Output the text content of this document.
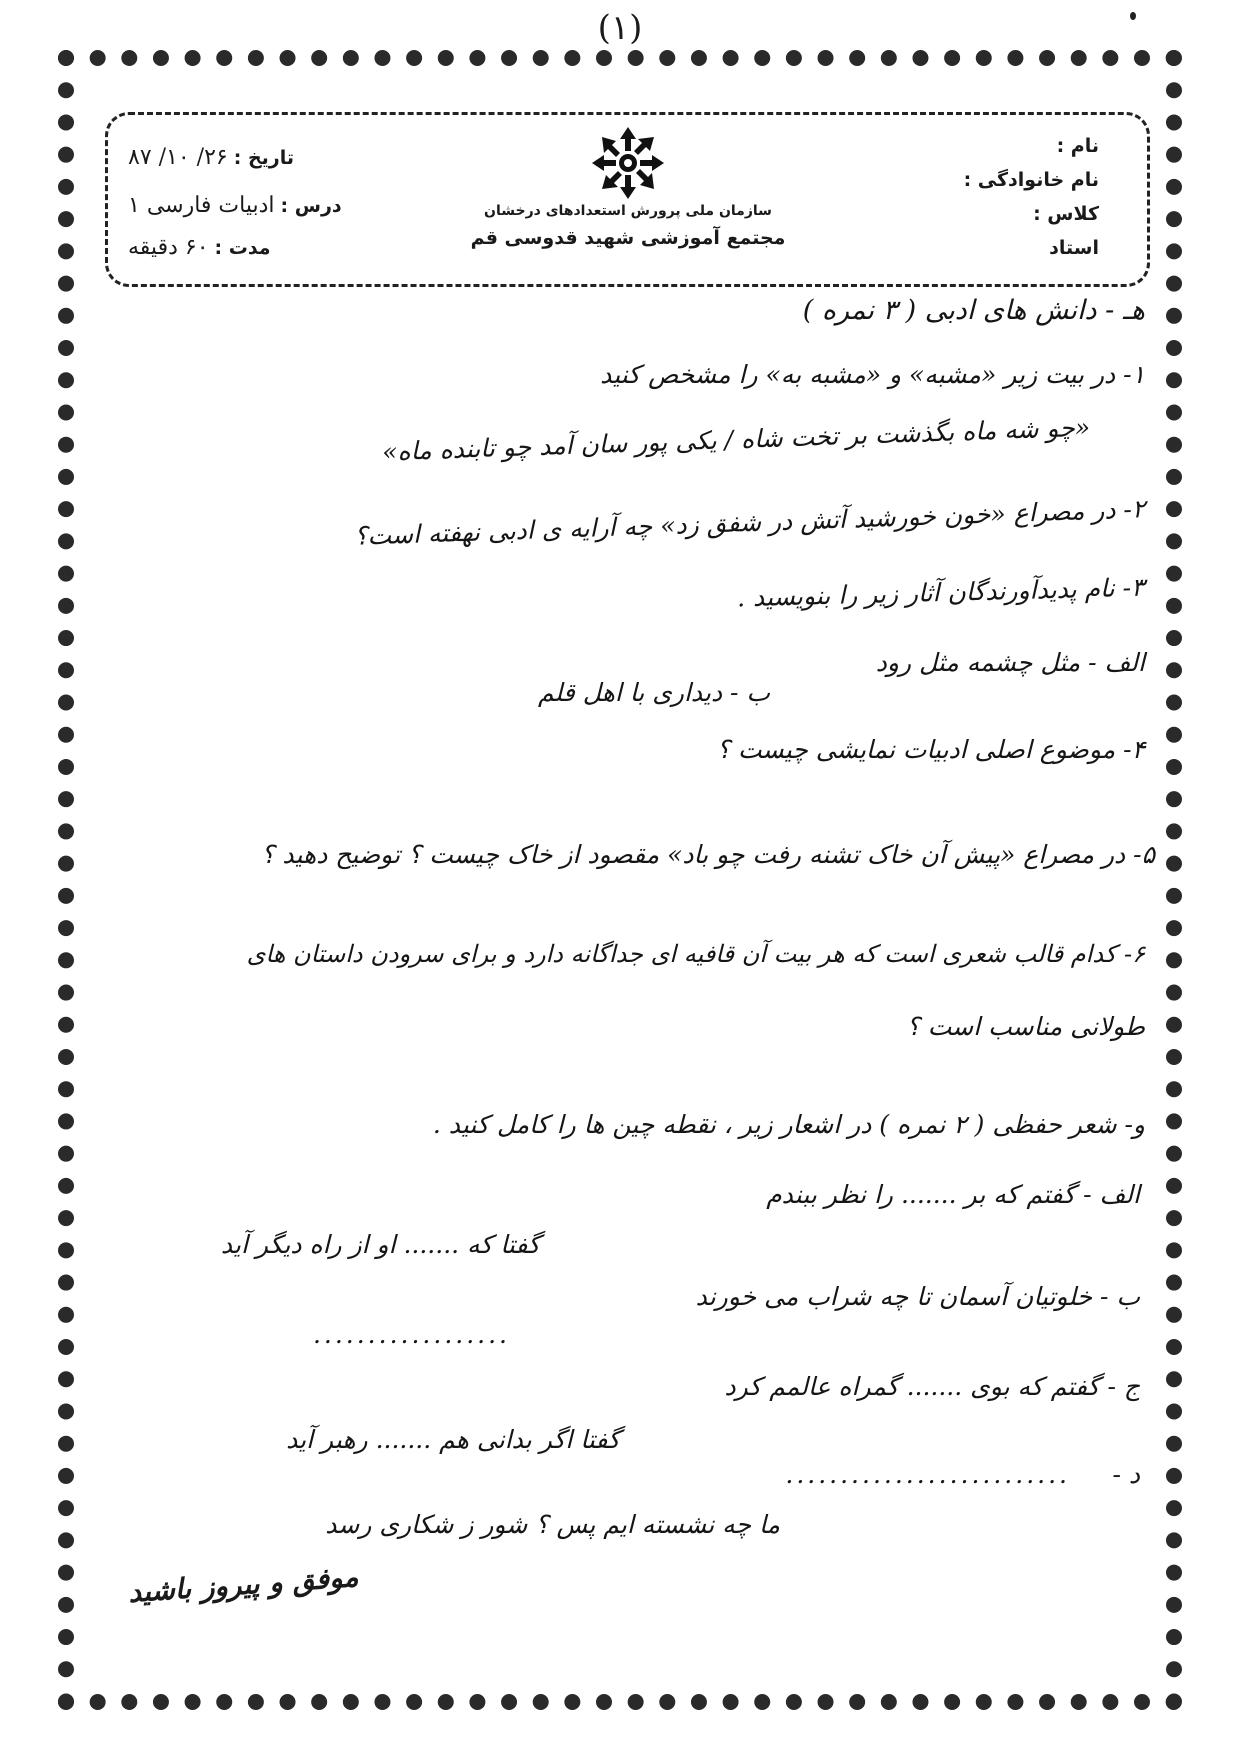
(۱)
نام :
نام خانوادگی :
کلاس :
استاد
تاریخ :۲۶/ ۱۰/ ۸۷
درس :ادبیات فارسی ۱
مدت :۶۰ دقیقه
سازمان ملی پرورش استعدادهای درخشان
مجتمع آموزشی شهید قدوسی قم
هـ - دانش های ادبی ( ۳ نمره )
۱- در بیت زیر «مشبه» و «مشبه به» را مشخص کنید
«چو شه ماه بگذشت بر تخت شاه / یکی پور سان آمد چو تابنده ماه»
۲- در مصراع «خون خورشید آتش در شفق زد» چه آرایه ی ادبی نهفته است؟
۳- نام پدیدآورندگان آثار زیر را بنویسید .
الف - مثل چشمه مثل رود
ب - دیداری با اهل قلم
۴- موضوع اصلی ادبیات نمایشی چیست ؟
۵- در مصراع «پیش آن خاک تشنه رفت چو باد» مقصود از خاک چیست ؟ توضیح دهید ؟
۶- کدام قالب شعری است که هر بیت آن قافیه ای جداگانه دارد و برای سرودن داستان های
طولانی مناسب است ؟
و- شعر حفظی ( ۲ نمره ) در اشعار زیر ، نقطه چین ها را کامل کنید .
الف - گفتم که بر ....... را نظر ببندم
گفتا که ....... او از راه دیگر آید
ب - خلوتیان آسمان تا چه شراب می خورند
..................
ج - گفتم که بوی ....... گمراه عالمم کرد
گفتا اگر بدانی هم ....... رهبر آید
د -
..........................
ما چه نشسته ایم پس ؟ شور ز شکاری رسد
موفق و پیروز باشید
